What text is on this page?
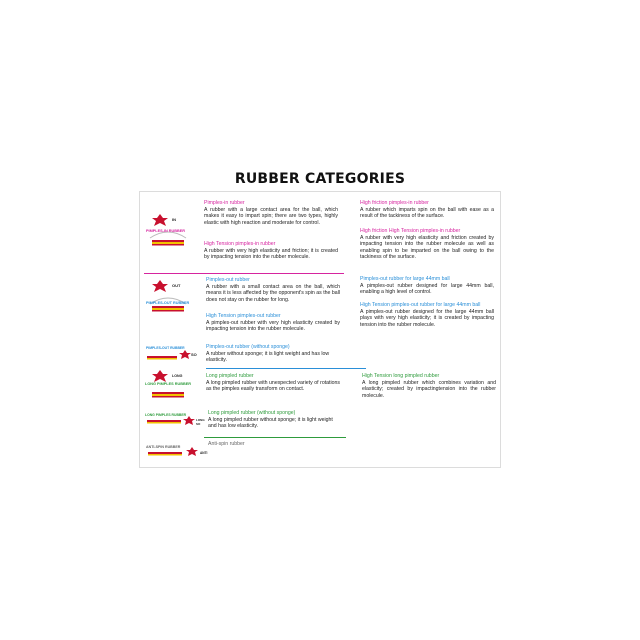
RUBBER CATEGORIES
IN
PIMPLES-IN RUBBER
Pimples-in rubber
A rubber with a large contact area for the ball, which makes it easy to impart spin; there are two types, highly elastic with high reaction and moderate for control.
High Tension pimples-in rubber
A rubber with very high elasticity and friction; it is created by impacting tension into the rubber molecule.
High friction pimples-in rubber
A rubber which imparts spin on the ball with ease as a result of the tackiness of the surface.
High friction High Tension pimples-in rubber
A rubber with very high elasticity and friction created by impacting tension into the rubber molecule as well as enabling spin to be imparted on the ball owing to the tackiness of the surface.
OUT
PIMPLES-OUT RUBBER
Pimples-out rubber
A rubber with a small contact area on the ball, which means it is less affected by the opponent's spin as the ball does not stay on the rubber for long.
High Tension pimples-out rubber
A pimples-out rubber with very high elasticity created by impacting tension into the rubber molecule.
Pimples-out rubber for large 44mm ball
A pimples-out rubber designed for large 44mm ball, enabling a high level of control.
High Tension pimples-out rubber for large 44mm ball
A pimples-out rubber designed for the large 44mm ball plays with very high elasticity; it is created by impacting tension into the rubber molecule.
SO
PIMPLES-OUT RUBBER	Pimples-out rubber (without sponge)
A rubber without sponge; it is light weight and has low elasticity.
LONG
LONG PIMPLES RUBBER
Long pimpled rubber
A long pimpled rubber with unexpected variety of rotations as the pimples easily transform on contact.
High Tension long pimpled rubber
A long pimpled rubber which combines variation and elasticity; created by impactingtension into the rubber molecule.
LONG
SO
LONG PIMPLES RUBBER	Long pimpled rubber (without sponge)
A long pimpled rubber without sponge; it is light weight and has low elasticity.
ANTI
ANTI-SPIN RUBBER	Anti-spin rubber
